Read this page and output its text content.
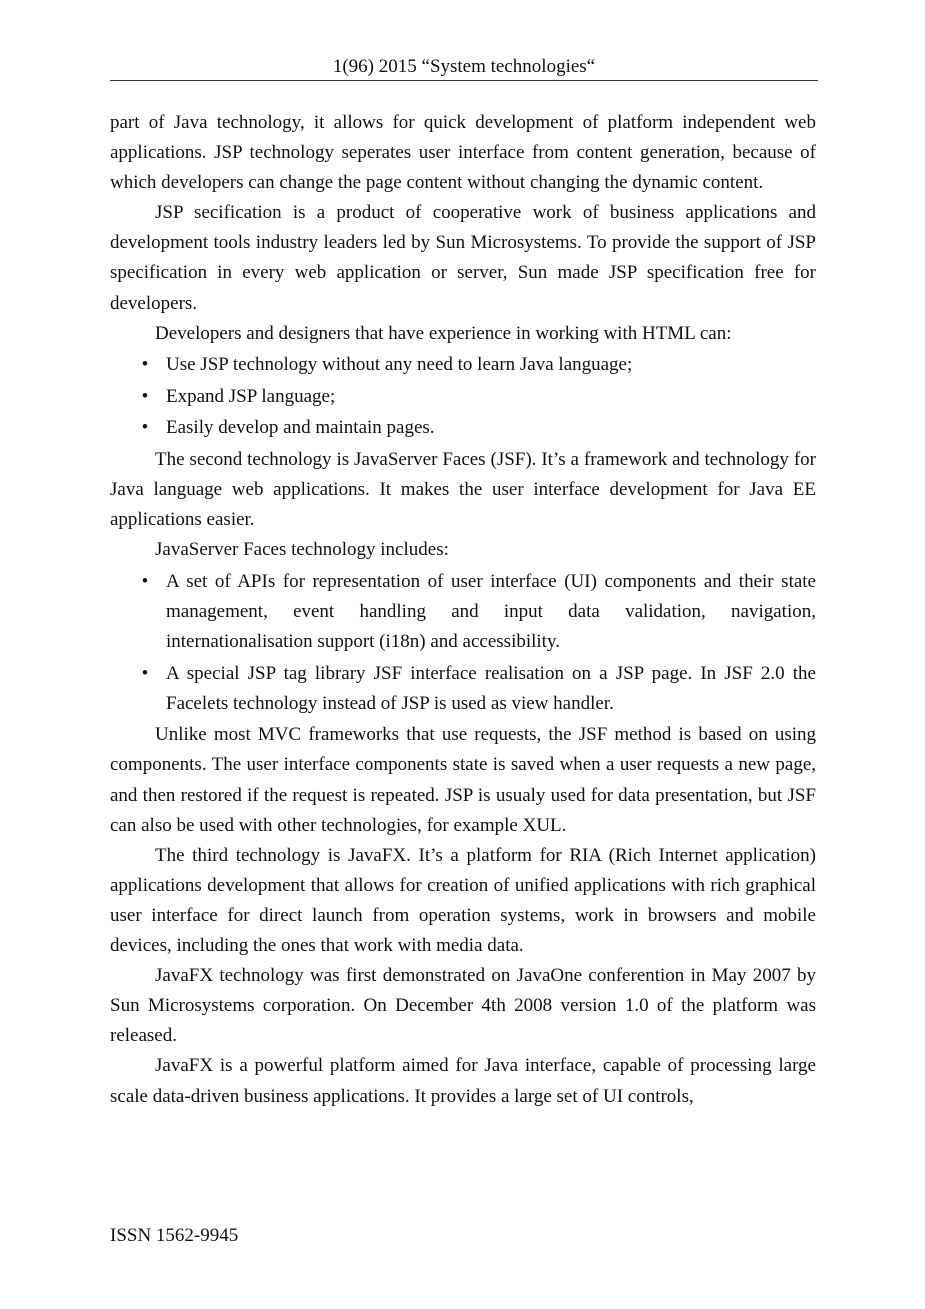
1(96) 2015 “System technologies“

part of Java technology, it allows for quick development of platform independent web applications. JSP technology seperates user interface from content generation, because of which developers can change the page content without changing the dynamic content.

JSP secification is a product of cooperative work of business applications and development tools industry leaders led by Sun Microsystems. To provide the support of JSP specification in every web application or server, Sun made JSP specification free for developers.

Developers and designers that have experience in working with HTML can:

• Use JSP technology without any need to learn Java language;
• Expand JSP language;
• Easily develop and maintain pages.

The second technology is JavaServer Faces (JSF). It’s a framework and technology for Java language web applications. It makes the user interface development for Java EE applications easier.

JavaServer Faces technology includes:

• A set of APIs for representation of user interface (UI) components and their state management, event handling and input data validation, navigation, internationalisation support (i18n) and accessibility.
• A special JSP tag library JSF interface realisation on a JSP page. In JSF 2.0 the Facelets technology instead of JSP is used as view handler.

Unlike most MVC frameworks that use requests, the JSF method is based on using components. The user interface components state is saved when a user requests a new page, and then restored if the request is repeated. JSP is usualy used for data presentation, but JSF can also be used with other technologies, for example XUL.

The third technology is JavaFX. It’s a platform for RIA (Rich Internet application) applications development that allows for creation of unified applications with rich graphical user interface for direct launch from operation systems, work in browsers and mobile devices, including the ones that work with media data.

JavaFX technology was first demonstrated on JavaOne conferention in May 2007 by Sun Microsystems corporation. On December 4th 2008 version 1.0 of the platform was released.

JavaFX is a powerful platform aimed for Java interface, capable of processing large scale data-driven business applications. It provides a large set of UI controls,

ISSN 1562-9945
